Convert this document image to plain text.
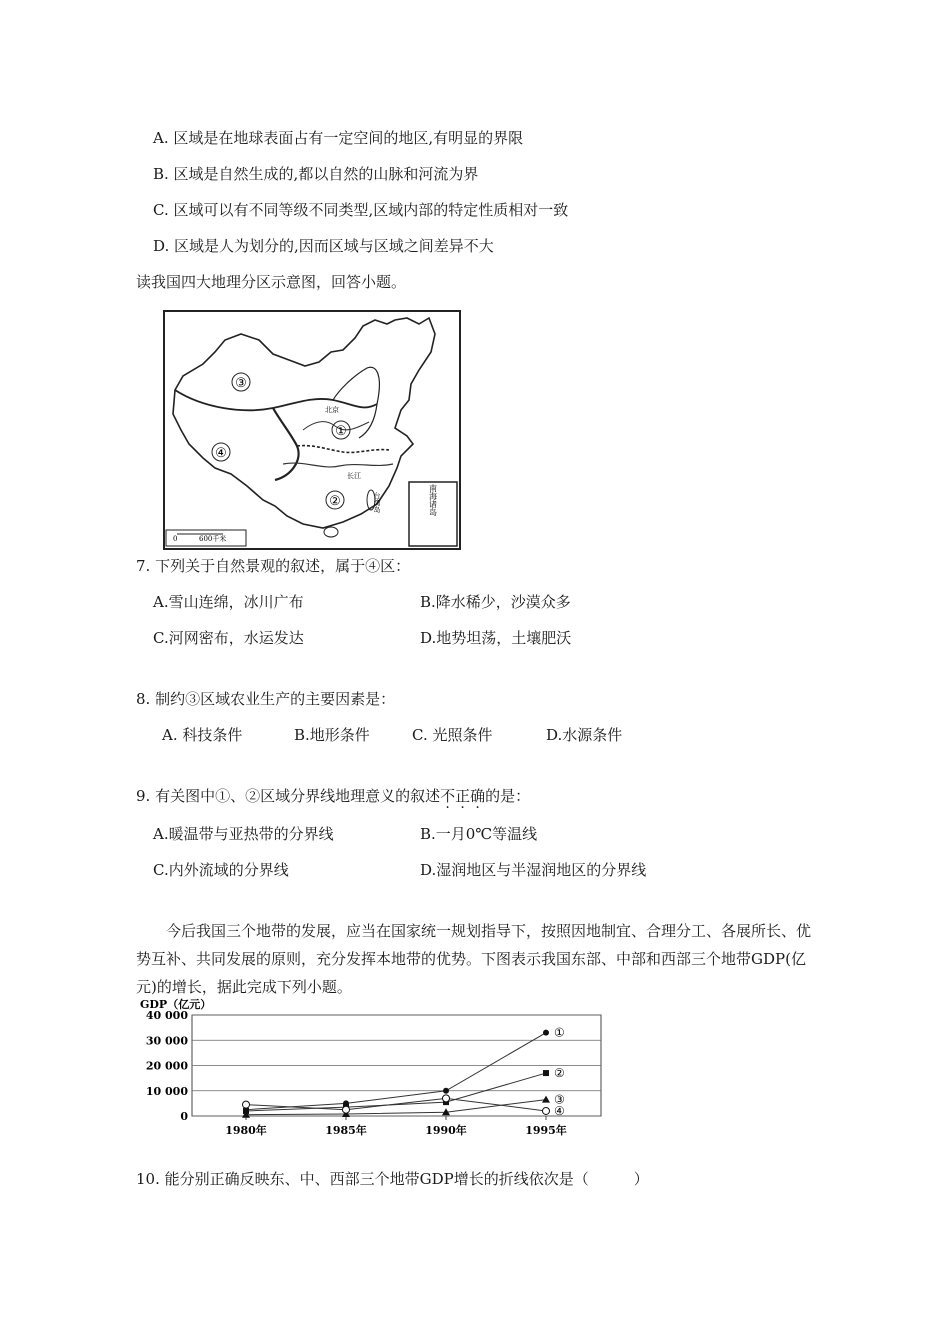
A. 区域是在地球表面占有一定空间的地区,有明显的界限
B. 区域是自然生成的,都以自然的山脉和河流为界
C. 区域可以有不同等级不同类型,区域内部的特定性质相对一致
D. 区域是人为划分的,因而区域与区域之间差异不大
读我国四大地理分区示意图，回答小题。
南海诸岛
0	600千米
③
④
①
②
北京
长江
台湾岛
7. 下列关于自然景观的叙述，属于④区：
A.雪山连绵，冰川广布	B.降水稀少，沙漠众多
C.河网密布，水运发达	D.地势坦荡，土壤肥沃
8. 制约③区域农业生产的主要因素是：
A. 科技条件	B.地形条件	C. 光照条件	D.水源条件
9. 有关图中①、②区域分界线地理意义的叙述不正确的是：
A.暖温带与亚热带的分界线	B.一月0℃等温线
C.内外流域的分界线	D.湿润地区与半湿润地区的分界线
今后我国三个地带的发展，应当在国家统一规划指导下，按照因地制宜、合理分工、各展所长、优势互补、共同发展的原则，充分发挥本地带的优势。下图表示我国东部、中部和西部三个地带GDP(亿元)的增长，据此完成下列小题。
GDP（亿元）
40 000
30 000
20 000
10 000
0
1980年	1985年	1990年	1995年
①
②
③
④
10. 能分别正确反映东、中、西部三个地带GDP增长的折线依次是（　　　）
